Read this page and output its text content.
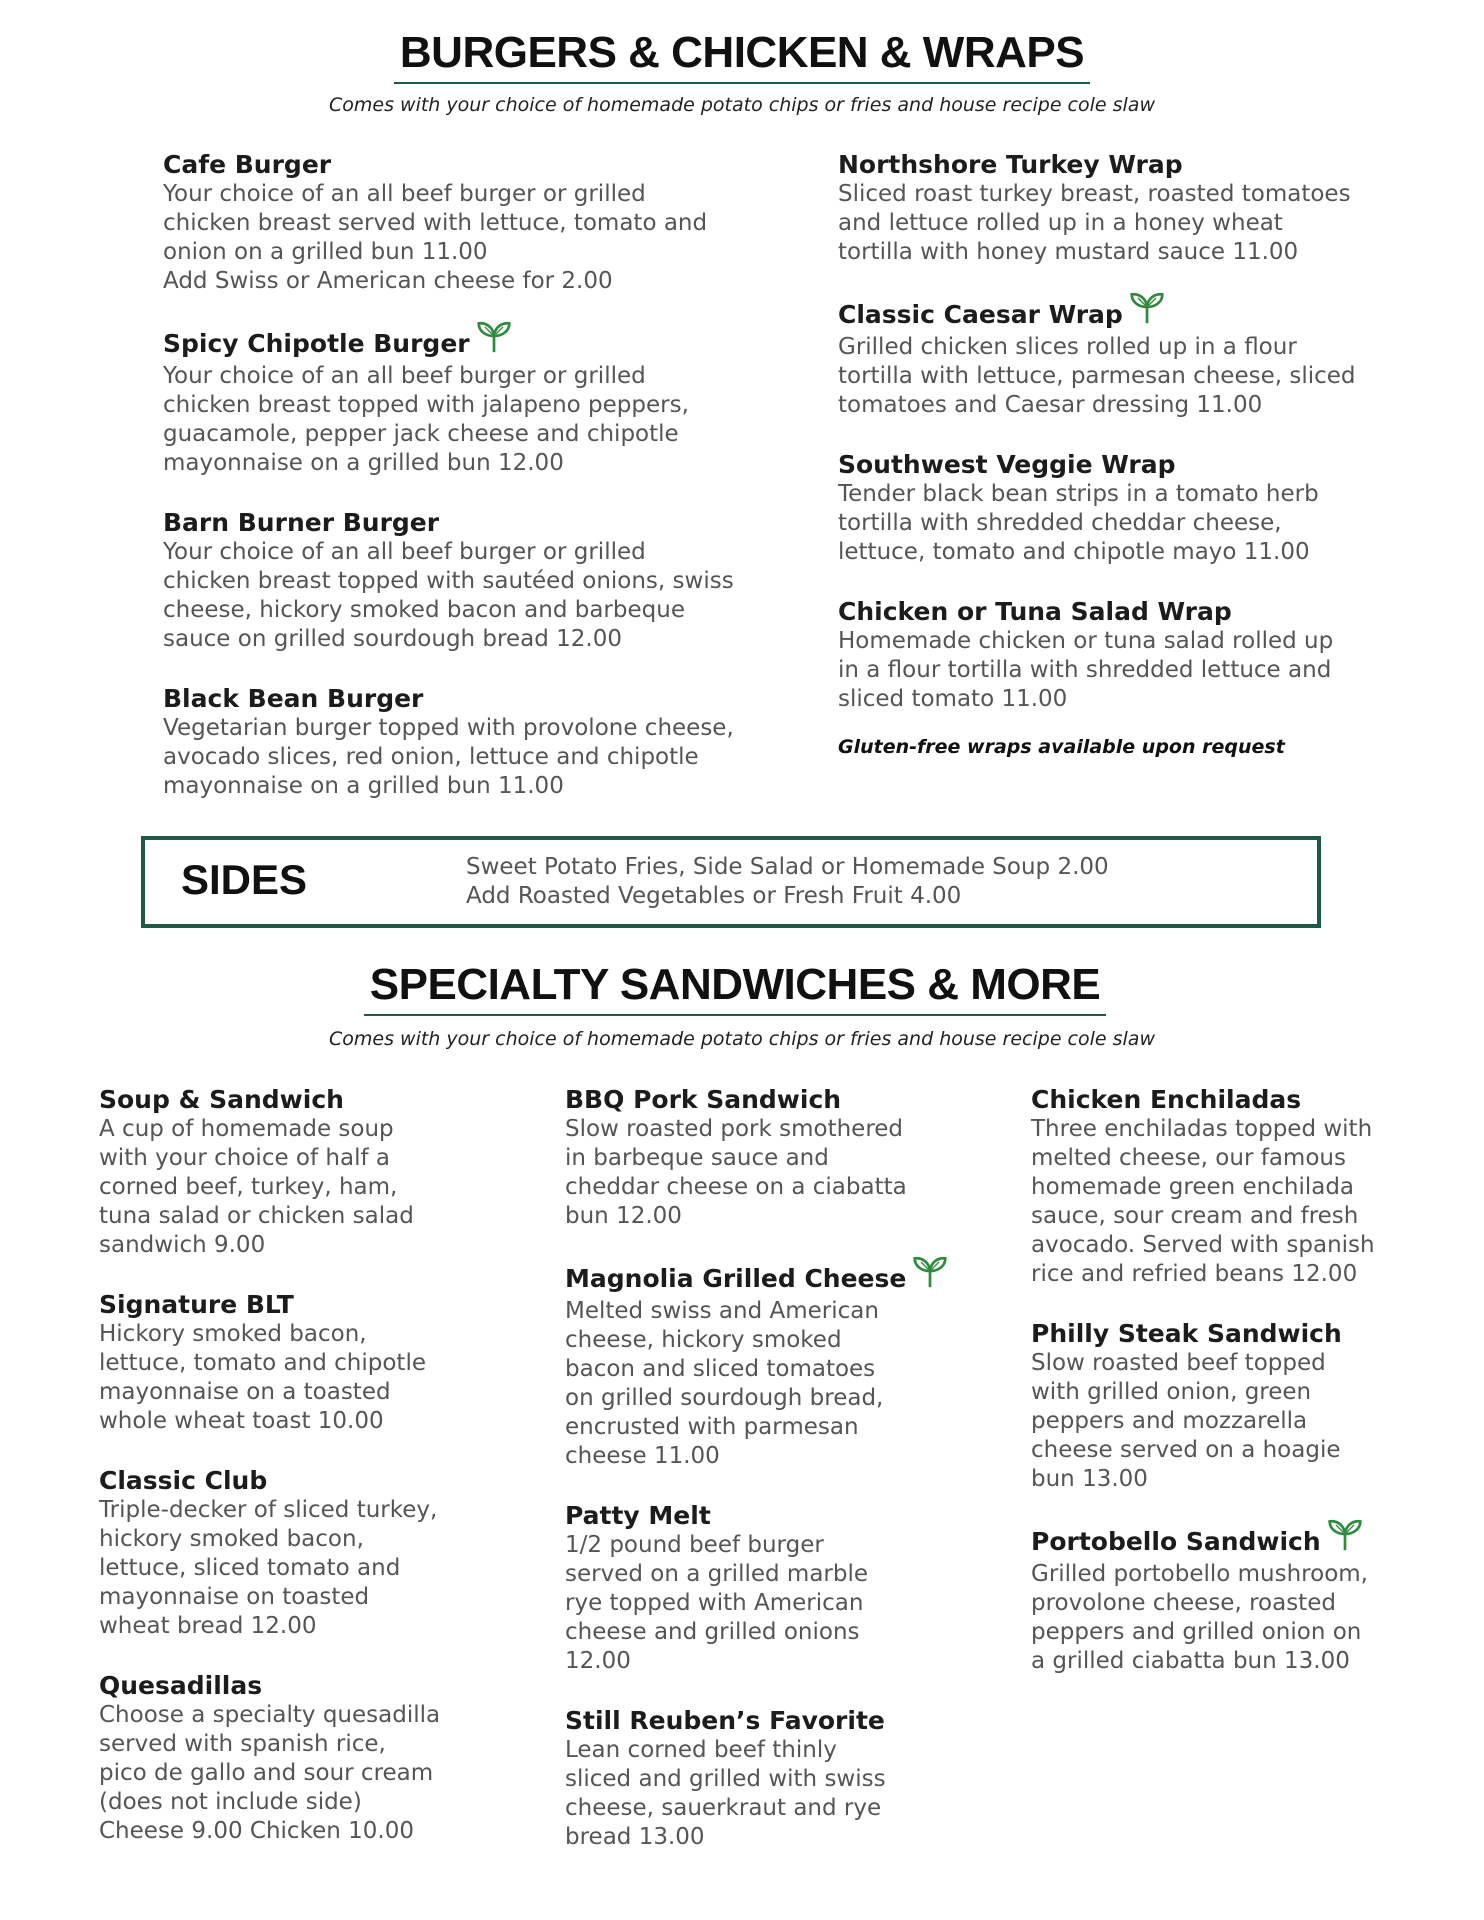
BURGERS & CHICKEN & WRAPS
Comes with your choice of homemade potato chips or fries and house recipe cole slaw
Cafe Burger

Your choice of an all beef burger or grilled

chicken breast served with lettuce, tomato and

onion on a grilled bun 11.00

Add Swiss or American cheese for 2.00

Spicy Chipotle Burger

Your choice of an all beef burger or grilled

chicken breast topped with jalapeno peppers,

guacamole, pepper jack cheese and chipotle

mayonnaise on a grilled bun 12.00

Barn Burner Burger

Your choice of an all beef burger or grilled

chicken breast topped with sautéed onions, swiss

cheese, hickory smoked bacon and barbeque

sauce on grilled sourdough bread 12.00

Black Bean Burger

Vegetarian burger topped with provolone cheese,

avocado slices, red onion, lettuce and chipotle

mayonnaise on a grilled bun 11.00

Northshore Turkey Wrap

Sliced roast turkey breast, roasted tomatoes

and lettuce rolled up in a honey wheat

tortilla with honey mustard sauce 11.00

Classic Caesar Wrap

Grilled chicken slices rolled up in a flour

tortilla with lettuce, parmesan cheese, sliced

tomatoes and Caesar dressing 11.00

Southwest Veggie Wrap

Tender black bean strips in a tomato herb

tortilla with shredded cheddar cheese,

lettuce, tomato and chipotle mayo 11.00

Chicken or Tuna Salad Wrap

Homemade chicken or tuna salad rolled up

in a flour tortilla with shredded lettuce and

sliced tomato 11.00

Gluten-free wraps available upon request
SIDES	Sweet Potato Fries, Side Salad or Homemade Soup 2.00
Add Roasted Vegetables or Fresh Fruit 4.00
SPECIALTY SANDWICHES & MORE
Comes with your choice of homemade potato chips or fries and house recipe cole slaw
Soup & Sandwich

A cup of homemade soup

with your choice of half a

corned beef, turkey, ham,

tuna salad or chicken salad

sandwich 9.00

Signature BLT

Hickory smoked bacon,

lettuce, tomato and chipotle

mayonnaise on a toasted

whole wheat toast 10.00

Classic Club

Triple-decker of sliced turkey,

hickory smoked bacon,

lettuce, sliced tomato and

mayonnaise on toasted

wheat bread 12.00

Quesadillas

Choose a specialty quesadilla

served with spanish rice,

pico de gallo and sour cream

(does not include side)

Cheese 9.00 Chicken 10.00

BBQ Pork Sandwich

Slow roasted pork smothered

in barbeque sauce and

cheddar cheese on a ciabatta

bun 12.00

Magnolia Grilled Cheese

Melted swiss and American

cheese, hickory smoked

bacon and sliced tomatoes

on grilled sourdough bread,

encrusted with parmesan

cheese 11.00

Patty Melt

1/2 pound beef burger

served on a grilled marble

rye topped with American

cheese and grilled onions

12.00

Still Reuben’s Favorite

Lean corned beef thinly

sliced and grilled with swiss

cheese, sauerkraut and rye

bread 13.00

Chicken Enchiladas

Three enchiladas topped with

melted cheese, our famous

homemade green enchilada

sauce, sour cream and fresh

avocado. Served with spanish

rice and refried beans 12.00

Philly Steak Sandwich

Slow roasted beef topped

with grilled onion, green

peppers and mozzarella

cheese served on a hoagie

bun 13.00

Portobello Sandwich

Grilled portobello mushroom,

provolone cheese, roasted

peppers and grilled onion on

a grilled ciabatta bun 13.00
